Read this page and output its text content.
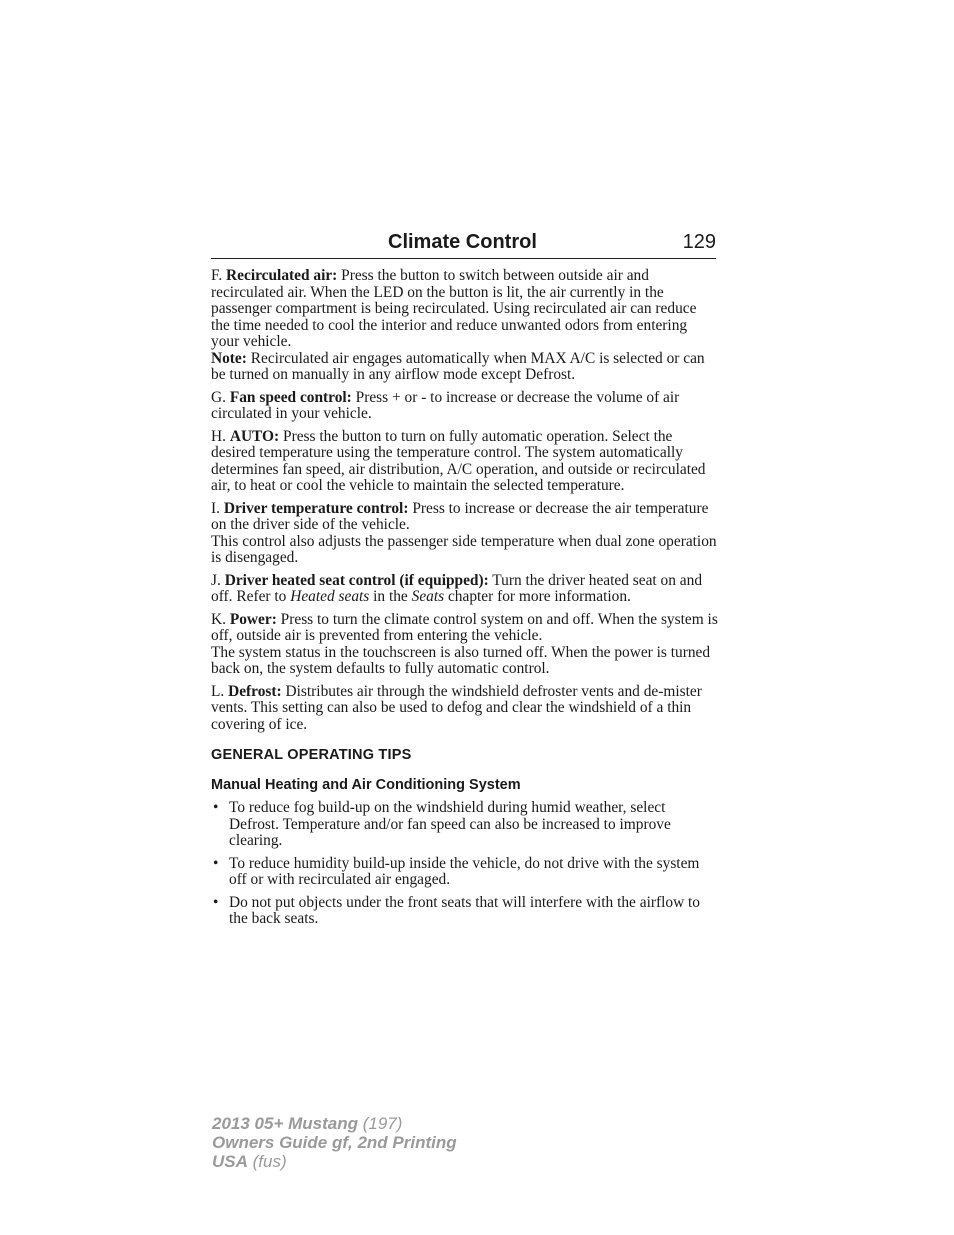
Climate Control	129

F. Recirculated air: Press the button to switch between outside air and recirculated air. When the LED on the button is lit, the air currently in the passenger compartment is being recirculated. Using recirculated air can reduce the time needed to cool the interior and reduce unwanted odors from entering your vehicle.

Note: Recirculated air engages automatically when MAX A/C is selected or can be turned on manually in any airflow mode except Defrost.

G. Fan speed control: Press + or - to increase or decrease the volume of air circulated in your vehicle.

H. AUTO: Press the button to turn on fully automatic operation. Select the desired temperature using the temperature control. The system automatically determines fan speed, air distribution, A/C operation, and outside or recirculated air, to heat or cool the vehicle to maintain the selected temperature.

I. Driver temperature control: Press to increase or decrease the air temperature on the driver side of the vehicle.

This control also adjusts the passenger side temperature when dual zone operation is disengaged.

J. Driver heated seat control (if equipped): Turn the driver heated seat on and off. Refer to Heated seats in the Seats chapter for more information.

K. Power: Press to turn the climate control system on and off. When the system is off, outside air is prevented from entering the vehicle.

The system status in the touchscreen is also turned off. When the power is turned back on, the system defaults to fully automatic control.

L. Defrost: Distributes air through the windshield defroster vents and de-mister vents. This setting can also be used to defog and clear the windshield of a thin covering of ice.

GENERAL OPERATING TIPS
Manual Heating and Air Conditioning System
• To reduce fog build-up on the windshield during humid weather, select Defrost. Temperature and/or fan speed can also be increased to improve clearing.
• To reduce humidity build-up inside the vehicle, do not drive with the system off or with recirculated air engaged.
• Do not put objects under the front seats that will interfere with the airflow to the back seats.
2013 05+ Mustang (197)
Owners Guide gf, 2nd Printing
USA (fus)
